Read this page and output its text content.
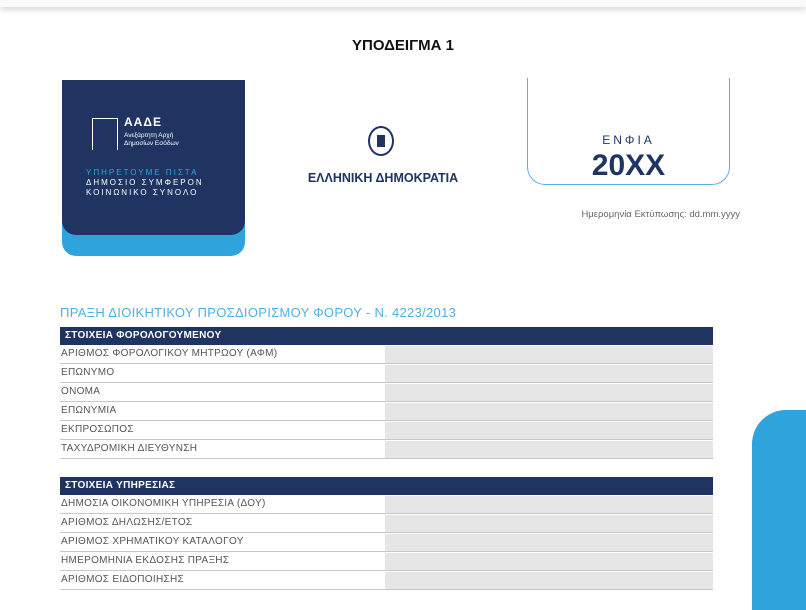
ΥΠΟΔΕΙΓΜΑ 1
ΑΑΔΕ
Ανεξάρτητη Αρχή
Δημοσίων Εσόδων
ΥΠΗΡΕΤΟΥΜΕ ΠΙΣΤΑ
ΔΗΜΟΣΙΟ ΣΥΜΦΕΡΟΝ
ΚΟΙΝΩΝΙΚΟ ΣΥΝΟΛΟ
ΕΛΛΗΝΙΚΗ ΔΗΜΟΚΡΑΤΙΑ
ΕΝΦΙΑ
20XX
Ημερομηνία Εκτύπωσης: dd.mm.yyyy
ΠΡΑΞΗ ΔΙΟΙΚΗΤΙΚΟΥ ΠΡΟΣΔΙΟΡΙΣΜΟΥ ΦΟΡΟΥ - Ν. 4223/2013
ΣΤΟΙΧΕΙΑ ΦΟΡΟΛΟΓΟΥΜΕΝΟΥ
ΑΡΙΘΜΟΣ ΦΟΡΟΛΟΓΙΚΟΥ ΜΗΤΡΩΟΥ (ΑΦΜ)
ΕΠΩΝΥΜΟ
ΟΝΟΜΑ
ΕΠΩΝΥΜΙΑ
ΕΚΠΡΟΣΩΠΟΣ
ΤΑΧΥΔΡΟΜΙΚΗ ΔΙΕΥΘΥΝΣΗ
ΣΤΟΙΧΕΙΑ ΥΠΗΡΕΣΙΑΣ
ΔΗΜΟΣΙΑ ΟΙΚΟΝΟΜΙΚΗ ΥΠΗΡΕΣΙΑ (ΔΟΥ)
ΑΡΙΘΜΟΣ ΔΗΛΩΣΗΣ/ΕΤΟΣ
ΑΡΙΘΜΟΣ ΧΡΗΜΑΤΙΚΟΥ ΚΑΤΑΛΟΓΟΥ
ΗΜΕΡΟΜΗΝΙΑ ΕΚΔΟΣΗΣ ΠΡΑΞΗΣ
ΑΡΙΘΜΟΣ ΕΙΔΟΠΟΙΗΣΗΣ
